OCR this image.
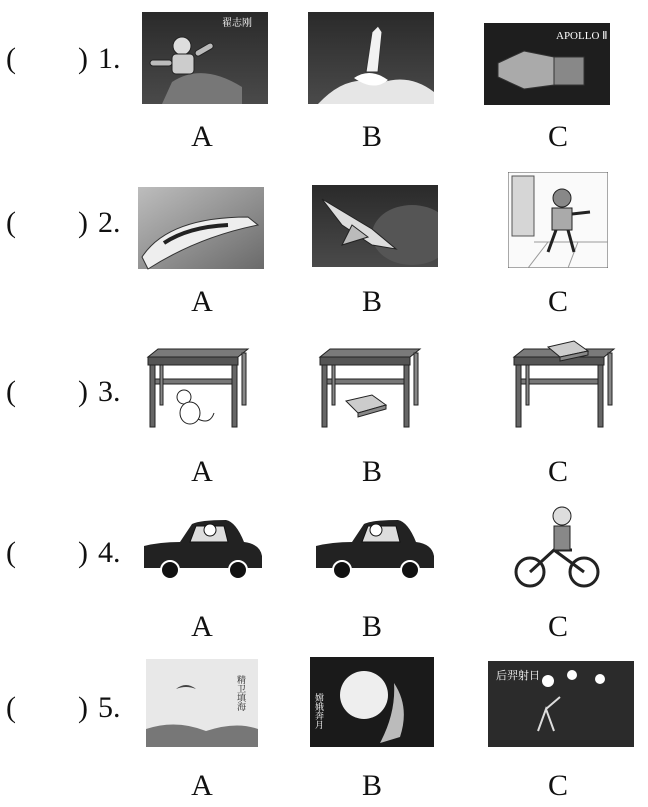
( ) 1.
翟志刚
APOLLO Ⅱ
A	B	C
( ) 2.
A	B	C
( ) 3.
A	B	C
( ) 4.
A	B	C
( ) 5.	精卫填海	嫦娥奔月
后羿射日
A	B	C
